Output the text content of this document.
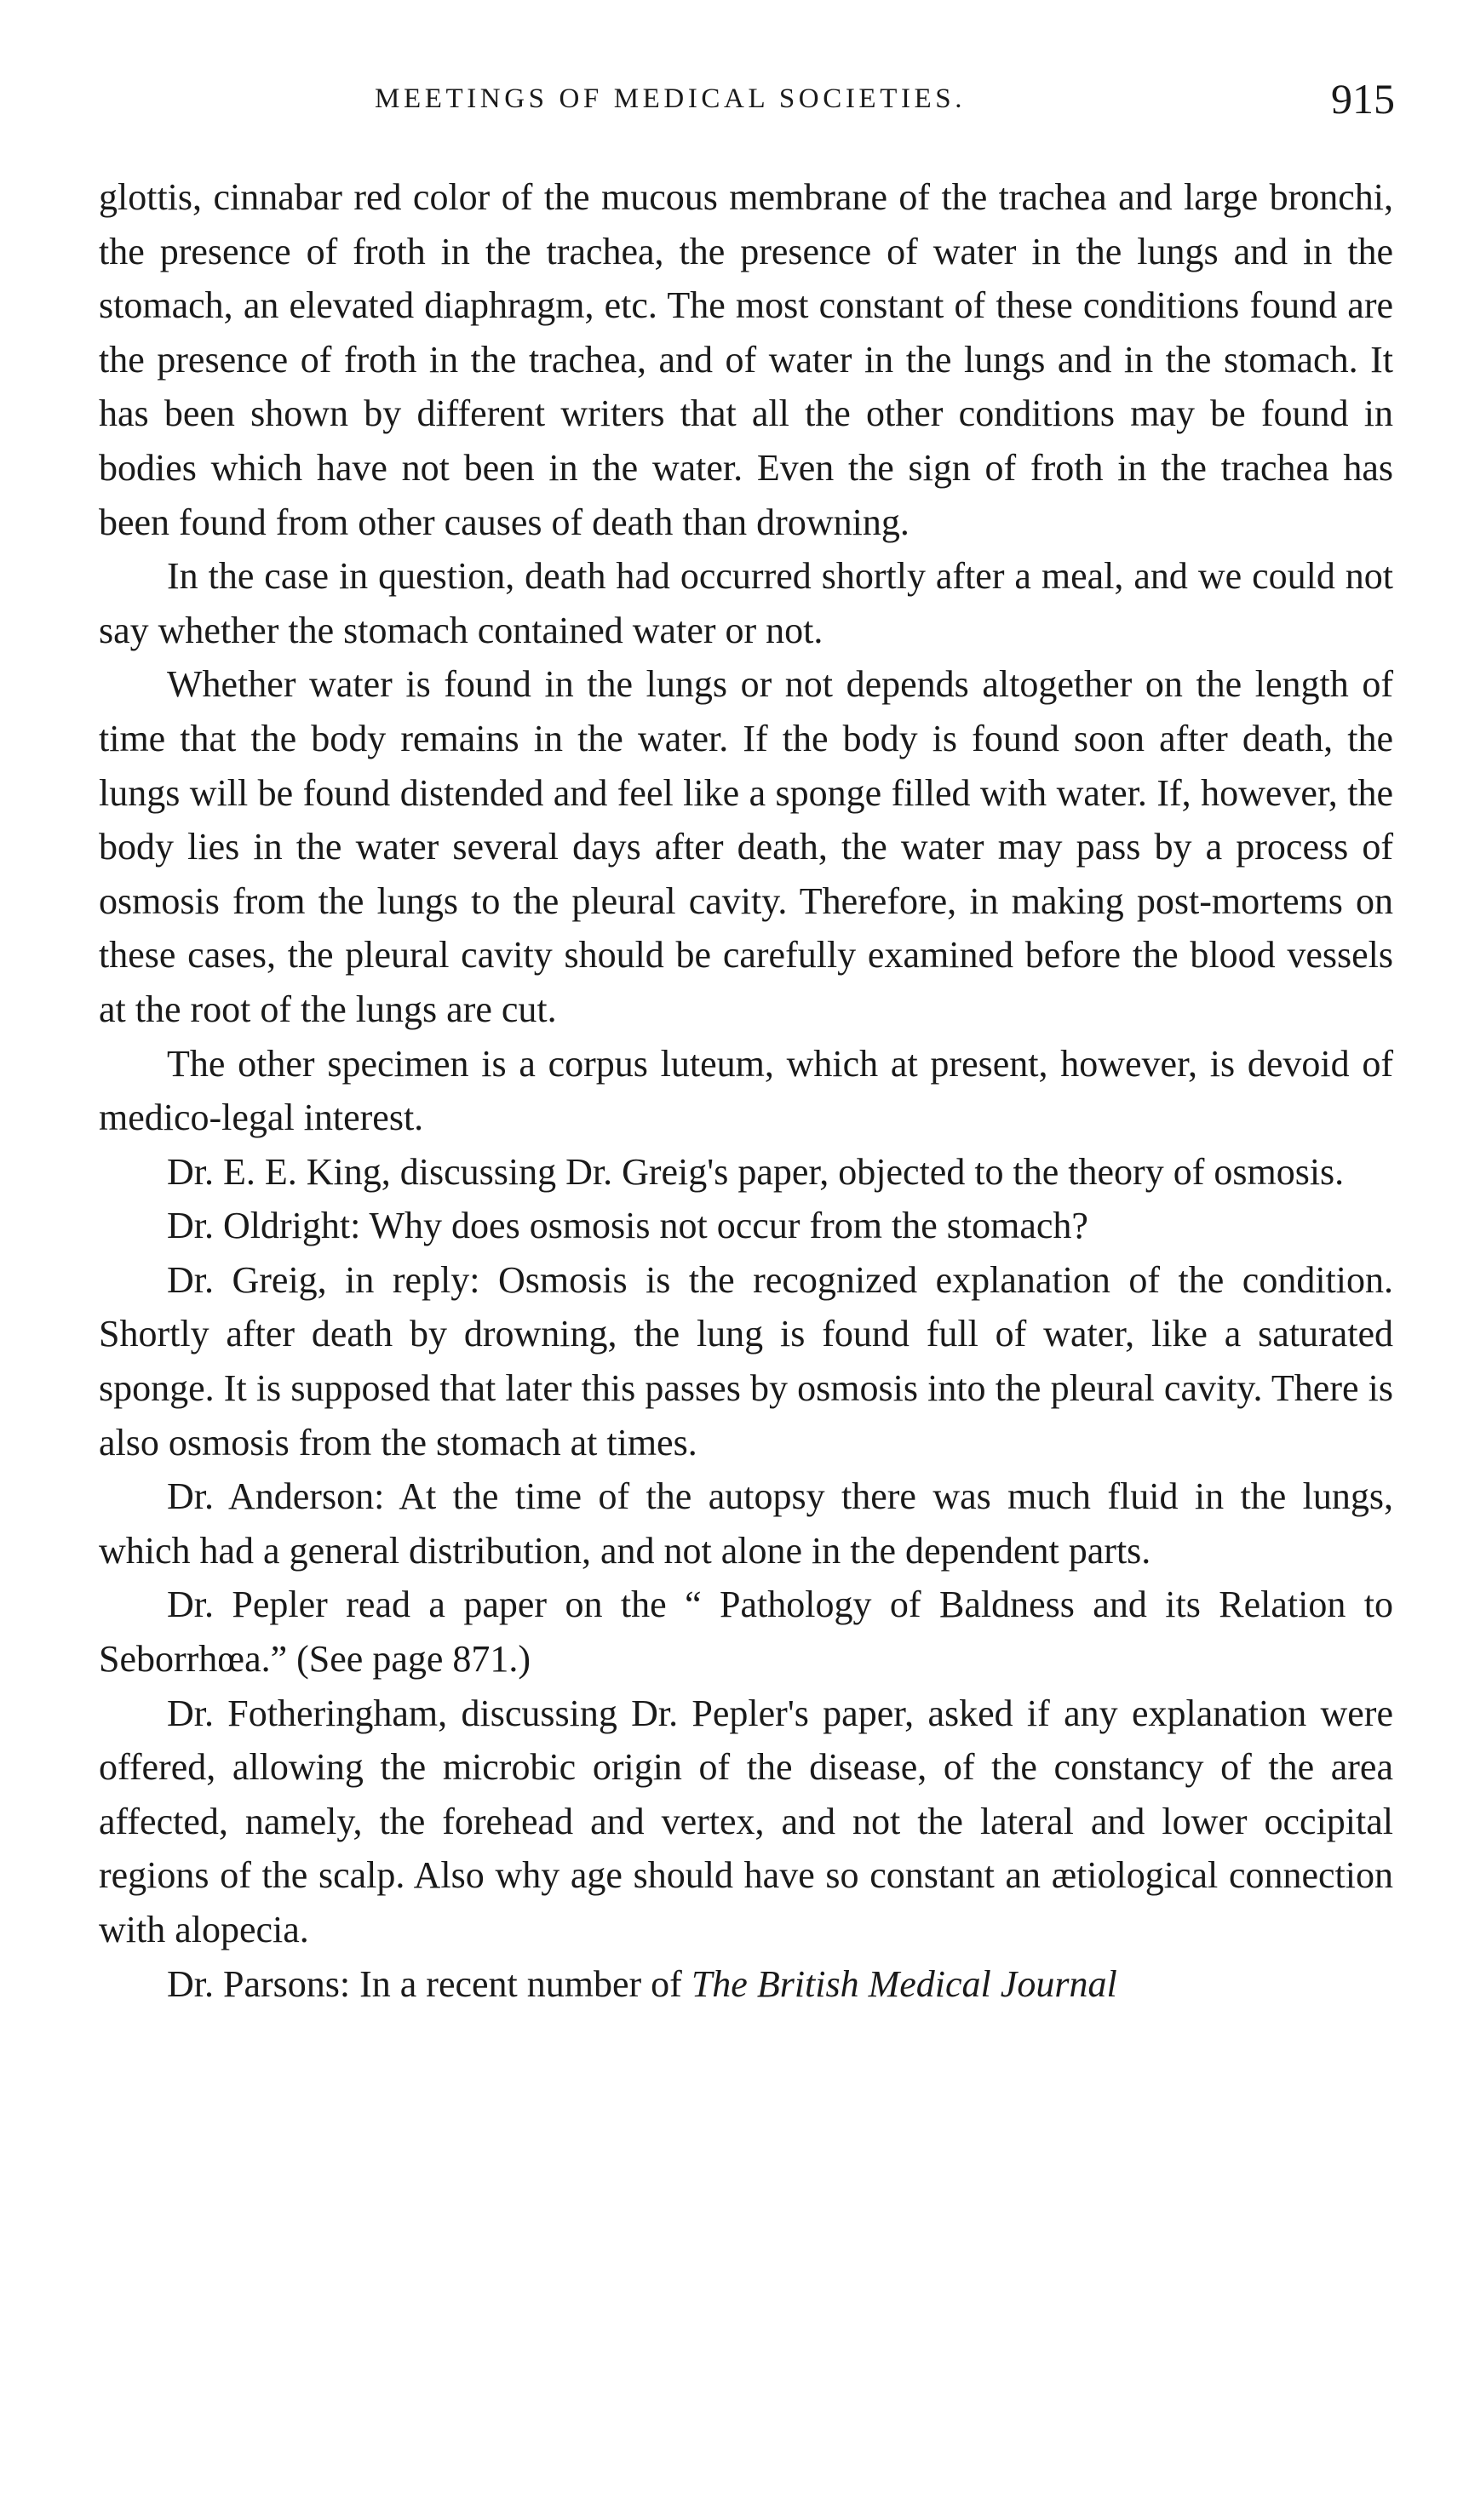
MEETINGS OF MEDICAL SOCIETIES.	915

glottis, cinnabar red color of the mucous membrane of the trachea and large bronchi, the presence of froth in the trachea, the presence of water in the lungs and in the stomach, an elevated diaphragm, etc. The most constant of these conditions found are the presence of froth in the trachea, and of water in the lungs and in the stomach. It has been shown by different writers that all the other conditions may be found in bodies which have not been in the water. Even the sign of froth in the trachea has been found from other causes of death than drowning.

In the case in question, death had occurred shortly after a meal, and we could not say whether the stomach contained water or not.

Whether water is found in the lungs or not depends altogether on the length of time that the body remains in the water. If the body is found soon after death, the lungs will be found distended and feel like a sponge filled with water. If, however, the body lies in the water several days after death, the water may pass by a process of osmosis from the lungs to the pleural cavity. Therefore, in making post-mortems on these cases, the pleural cavity should be carefully examined before the blood vessels at the root of the lungs are cut.

The other specimen is a corpus luteum, which at present, however, is devoid of medico-legal interest.

Dr. E. E. King, discussing Dr. Greig's paper, objected to the theory of osmosis.

Dr. Oldright: Why does osmosis not occur from the stomach?

Dr. Greig, in reply: Osmosis is the recognized explanation of the condition. Shortly after death by drowning, the lung is found full of water, like a saturated sponge. It is supposed that later this passes by osmosis into the pleural cavity. There is also osmosis from the stomach at times.

Dr. Anderson: At the time of the autopsy there was much fluid in the lungs, which had a general distribution, and not alone in the dependent parts.

Dr. Pepler read a paper on the “ Pathology of Baldness and its Relation to Seborrhœa.” (See page 871.)

Dr. Fotheringham, discussing Dr. Pepler's paper, asked if any explanation were offered, allowing the microbic origin of the disease, of the constancy of the area affected, namely, the forehead and vertex, and not the lateral and lower occipital regions of the scalp. Also why age should have so constant an ætiological connection with alopecia.

Dr. Parsons: In a recent number of The British Medical Journal
